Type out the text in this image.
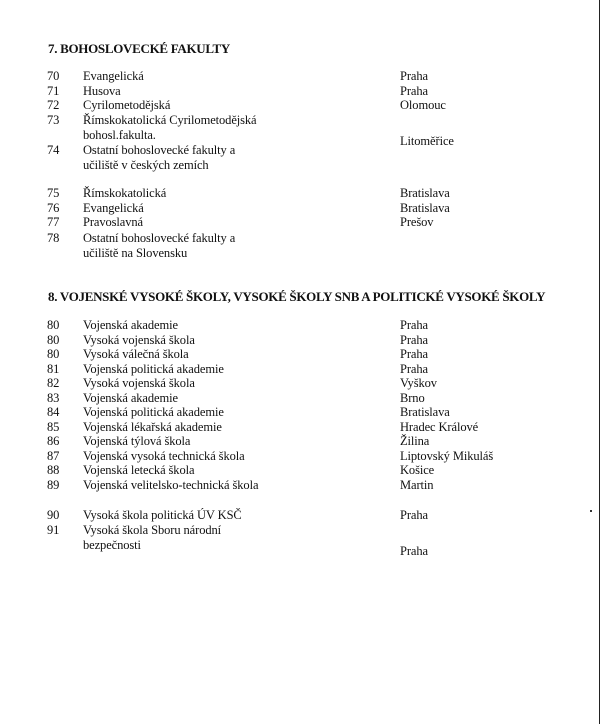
7. BOHOSLOVECKÉ FAKULTY
70	Evangelická	Praha
71	Husova	Praha
72	Cyrilometodějská	Olomouc
73	Římskokatolická Cyrilometodějská
bohosl.fakulta.	Litoměřice
74	Ostatní bohoslovecké fakulty a
učiliště v českých zemích
75	Římskokatolická	Bratislava
76	Evangelická	Bratislava
77	Pravoslavná	Prešov
78	Ostatní bohoslovecké fakulty a
učiliště na Slovensku
8. VOJENSKÉ VYSOKÉ ŠKOLY, VYSOKÉ ŠKOLY SNB A POLITICKÉ VYSOKÉ ŠKOLY
80	Vojenská akademie	Praha
80	Vysoká vojenská škola	Praha
80	Vysoká válečná škola	Praha
81	Vojenská politická akademie	Praha
82	Vysoká vojenská škola	Vyškov
83	Vojenská akademie	Brno
84	Vojenská politická akademie	Bratislava
85	Vojenská lékařská akademie	Hradec Králové
86	Vojenská týlová škola	Žilina
87	Vojenská vysoká technická škola	Liptovský Mikuláš
88	Vojenská letecká škola	Košice
89	Vojenská velitelsko-technická škola	Martin
90	Vysoká škola politická ÚV KSČ	Praha
91	Vysoká škola Sboru národní
bezpečnosti	Praha
